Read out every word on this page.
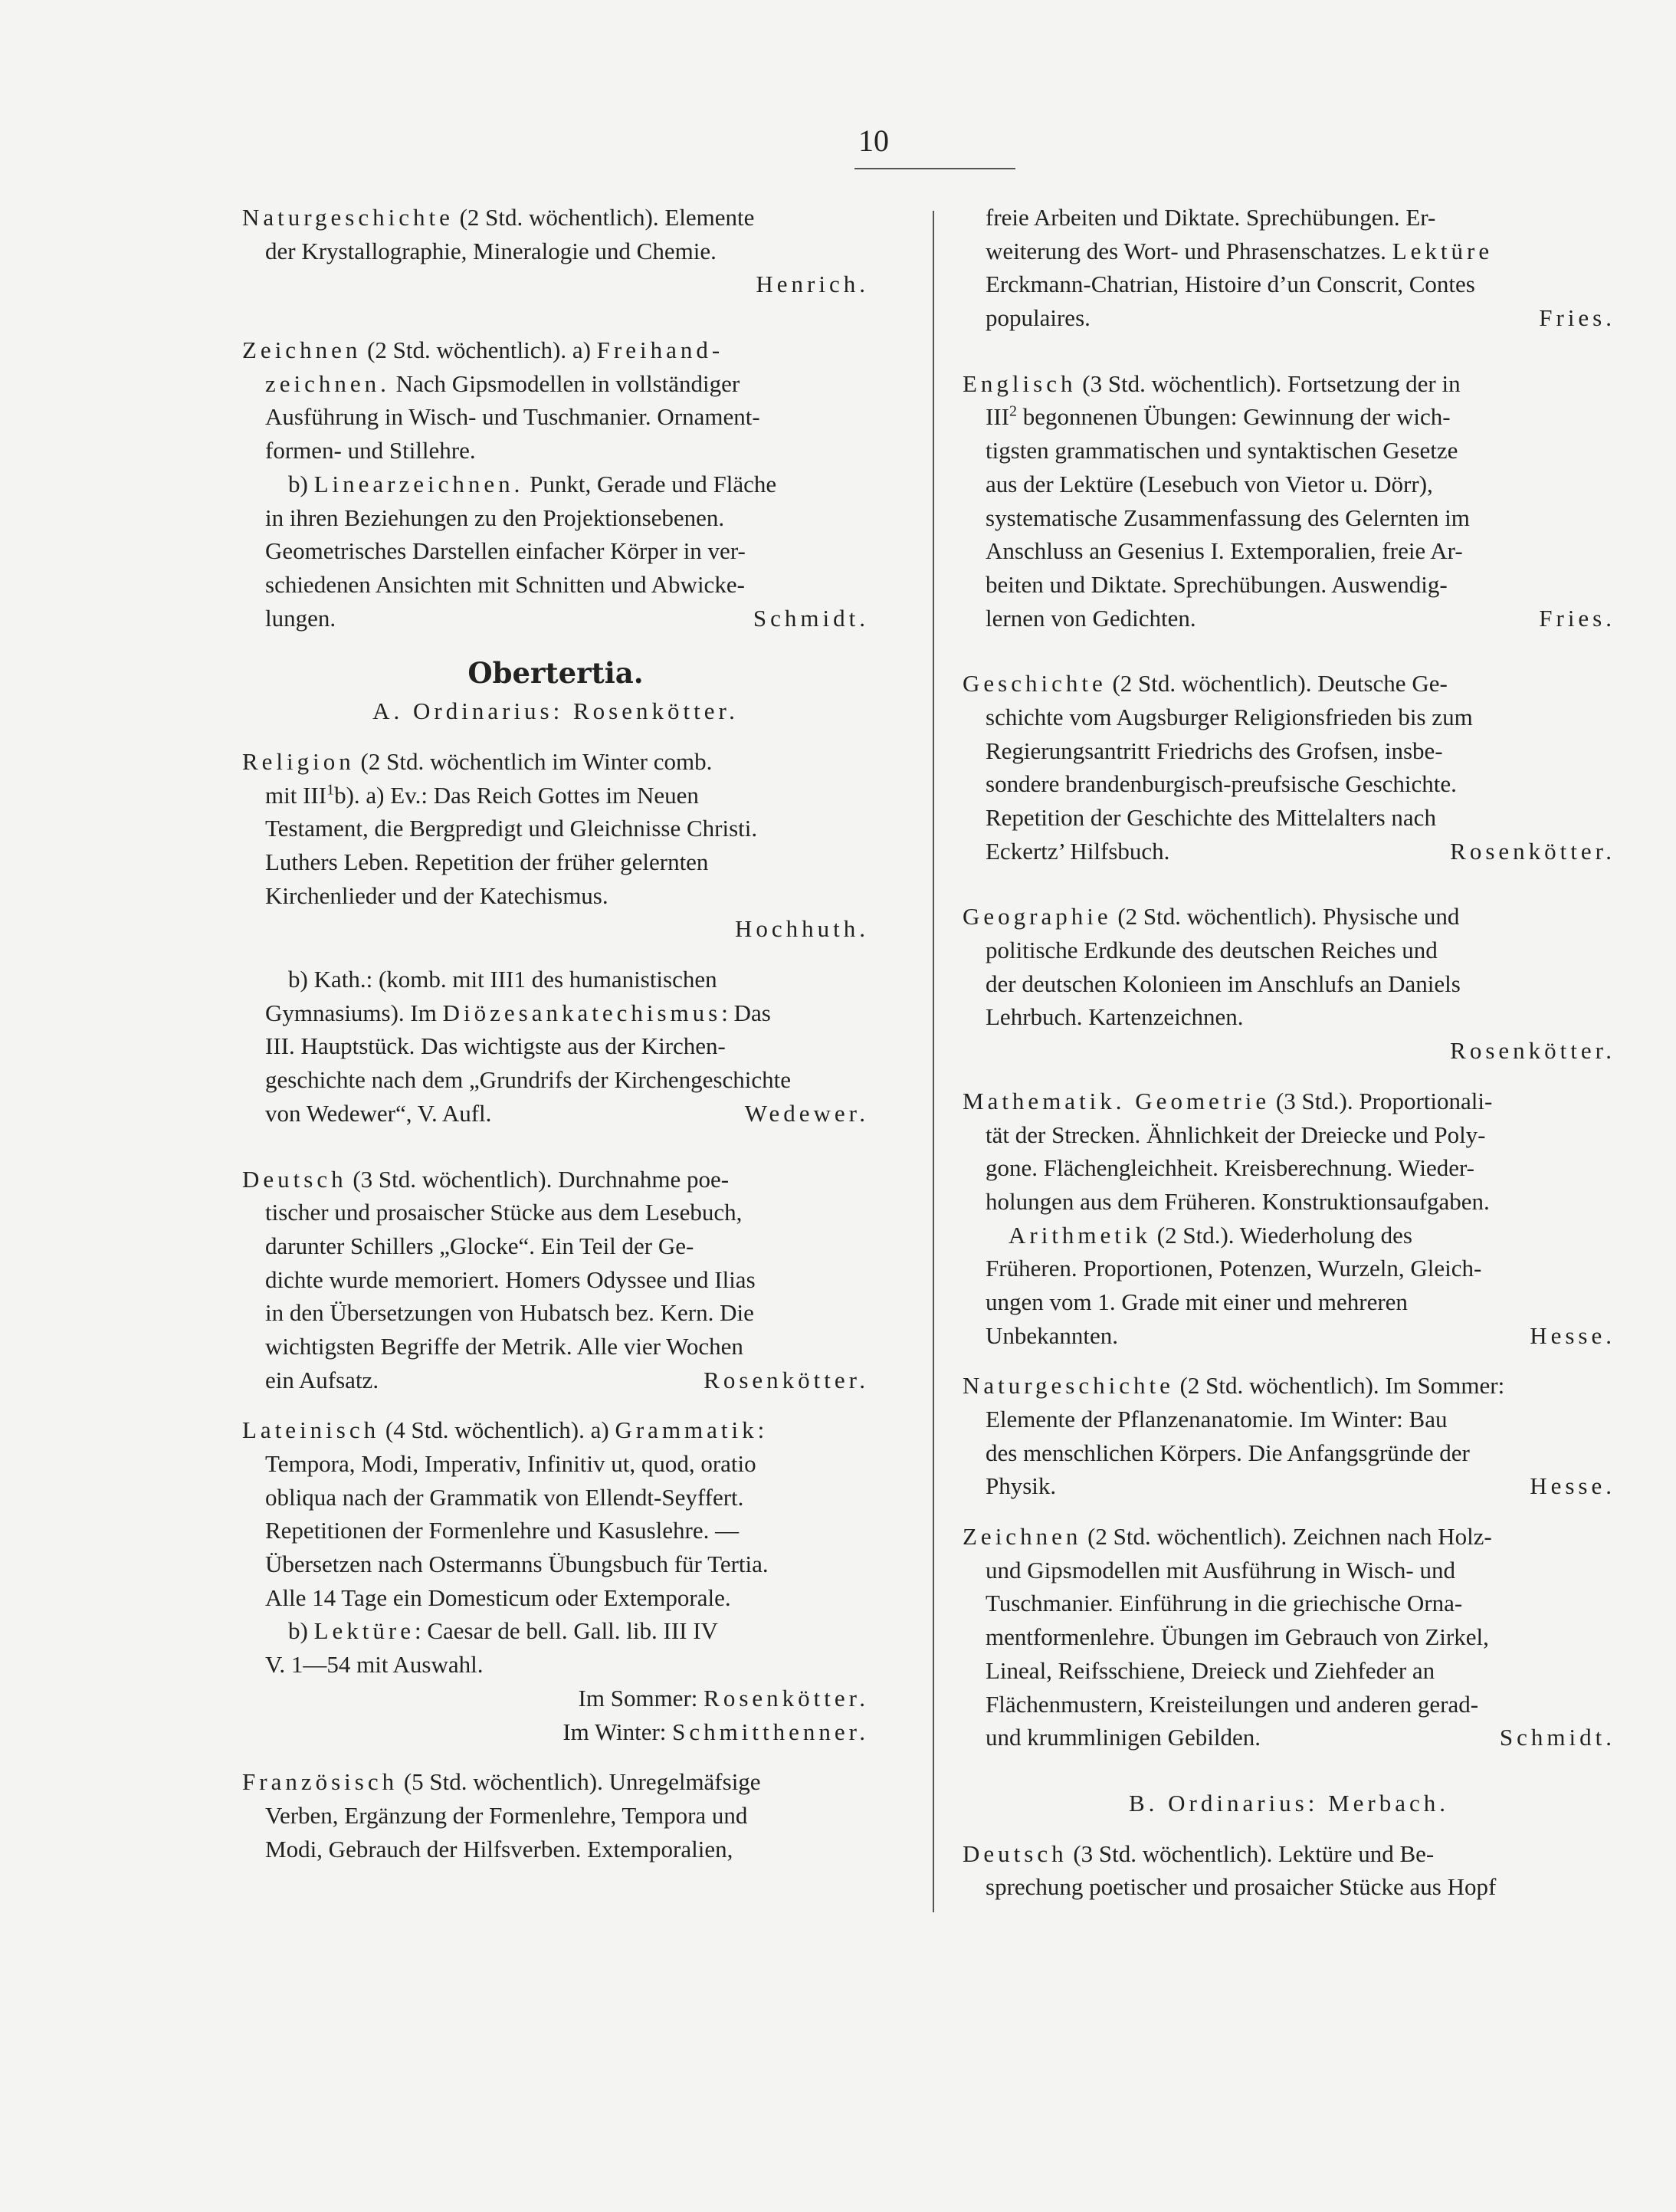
10
Naturgeschichte (2 Std. wöchentlich). Elemente
der Krystallographie, Mineralogie und Chemie.
Henrich.
Zeichnen (2 Std. wöchentlich). a) Freihand-
zeichnen. Nach Gipsmodellen in vollständiger
Ausführung in Wisch- und Tuschmanier. Ornament-
formen- und Stillehre.
b) Linearzeichnen. Punkt, Gerade und Fläche
in ihren Beziehungen zu den Projektionsebenen.
Geometrisches Darstellen einfacher Körper in ver-
schiedenen Ansichten mit Schnitten und Abwicke-
lungen.	Schmidt.
Obertertia.
A. Ordinarius: Rosenkötter.
Religion (2 Std. wöchentlich im Winter comb.
mit III$^1$b). a) Ev.: Das Reich Gottes im Neuen
Testament, die Bergpredigt und Gleichnisse Christi.
Luthers Leben. Repetition der früher gelernten
Kirchenlieder und der Katechismus.
Hochhuth.
b) Kath.: (komb. mit III1 des humanistischen
Gymnasiums). Im Diözesankatechismus: Das
III. Hauptstück. Das wichtigste aus der Kirchen-
geschichte nach dem „Grundrifs der Kirchengeschichte
von Wedewer“, V. Aufl.	Wedewer.
Deutsch (3 Std. wöchentlich). Durchnahme poe-
tischer und prosaischer Stücke aus dem Lesebuch,
darunter Schillers „Glocke“. Ein Teil der Ge-
dichte wurde memoriert. Homers Odyssee und Ilias
in den Übersetzungen von Hubatsch bez. Kern. Die
wichtigsten Begriffe der Metrik. Alle vier Wochen
ein Aufsatz.	Rosenkötter.
Lateinisch (4 Std. wöchentlich). a) Grammatik:
Tempora, Modi, Imperativ, Infinitiv ut, quod, oratio
obliqua nach der Grammatik von Ellendt-Seyffert.
Repetitionen der Formenlehre und Kasuslehre. —
Übersetzen nach Ostermanns Übungsbuch für Tertia.
Alle 14 Tage ein Domesticum oder Extemporale.
b) Lektüre: Caesar de bell. Gall. lib. III IV
V. 1—54 mit Auswahl.
Im Sommer: Rosenkötter.
Im Winter: Schmitthenner.
Französisch (5 Std. wöchentlich). Unregelmäfsige
Verben, Ergänzung der Formenlehre, Tempora und
Modi, Gebrauch der Hilfsverben. Extemporalien,
freie Arbeiten und Diktate. Sprechübungen. Er-
weiterung des Wort- und Phrasenschatzes. Lektüre
Erckmann-Chatrian, Histoire d’un Conscrit, Contes
populaires.	Fries.
Englisch (3 Std. wöchentlich). Fortsetzung der in
III$^2$ begonnenen Übungen: Gewinnung der wich-
tigsten grammatischen und syntaktischen Gesetze
aus der Lektüre (Lesebuch von Vietor u. Dörr),
systematische Zusammenfassung des Gelernten im
Anschluss an Gesenius I. Extemporalien, freie Ar-
beiten und Diktate. Sprechübungen. Auswendig-
lernen von Gedichten.	Fries.
Geschichte (2 Std. wöchentlich). Deutsche Ge-
schichte vom Augsburger Religionsfrieden bis zum
Regierungsantritt Friedrichs des Grofsen, insbe-
sondere brandenburgisch-preufsische Geschichte.
Repetition der Geschichte des Mittelalters nach
Eckertz’ Hilfsbuch.	Rosenkötter.
Geographie (2 Std. wöchentlich). Physische und
politische Erdkunde des deutschen Reiches und
der deutschen Kolonieen im Anschlufs an Daniels
Lehrbuch. Kartenzeichnen.
Rosenkötter.
Mathematik. Geometrie (3 Std.). Proportionali-
tät der Strecken. Ähnlichkeit der Dreiecke und Poly-
gone. Flächengleichheit. Kreisberechnung. Wieder-
holungen aus dem Früheren. Konstruktionsaufgaben.
Arithmetik (2 Std.). Wiederholung des
Früheren. Proportionen, Potenzen, Wurzeln, Gleich-
ungen vom 1. Grade mit einer und mehreren
Unbekannten.	Hesse.
Naturgeschichte (2 Std. wöchentlich). Im Sommer:
Elemente der Pflanzenanatomie. Im Winter: Bau
des menschlichen Körpers. Die Anfangsgründe der
Physik.	Hesse.
Zeichnen (2 Std. wöchentlich). Zeichnen nach Holz-
und Gipsmodellen mit Ausführung in Wisch- und
Tuschmanier. Einführung in die griechische Orna-
mentformenlehre. Übungen im Gebrauch von Zirkel,
Lineal, Reifsschiene, Dreieck und Ziehfeder an
Flächenmustern, Kreisteilungen und anderen gerad-
und krummlinigen Gebilden.	Schmidt.
B. Ordinarius: Merbach.
Deutsch (3 Std. wöchentlich). Lektüre und Be-
sprechung poetischer und prosaicher Stücke aus Hopf
